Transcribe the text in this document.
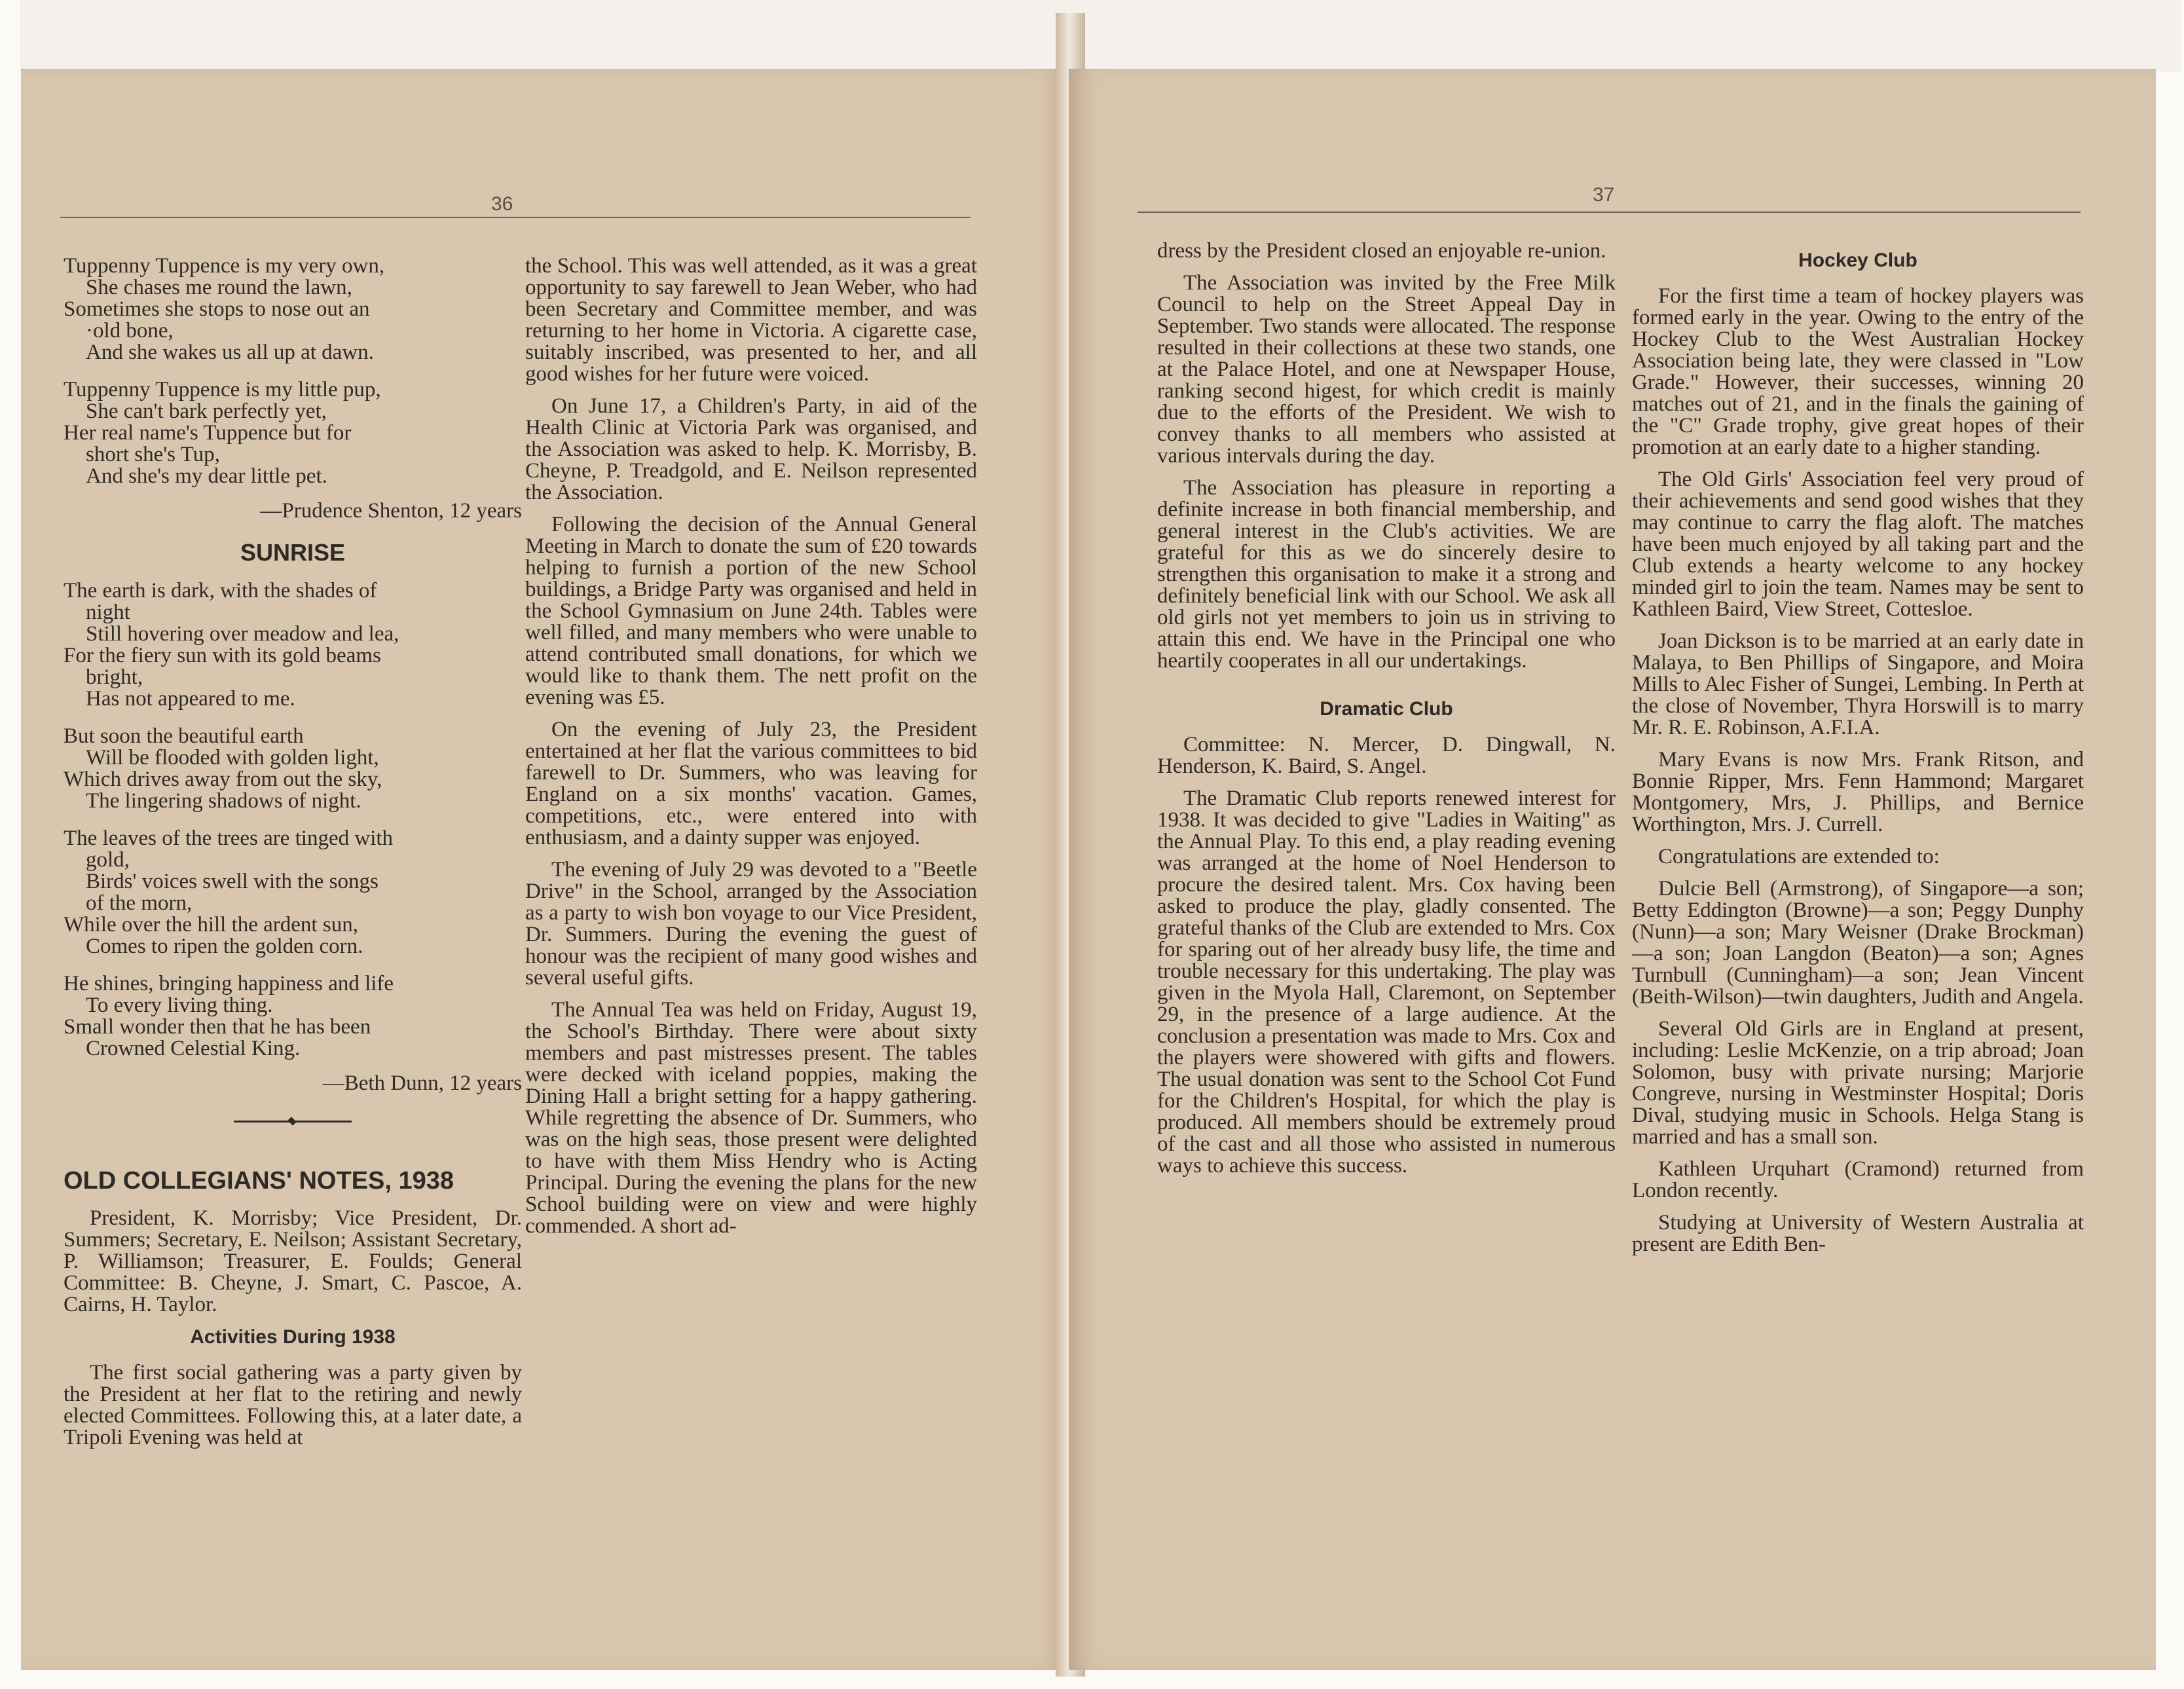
36
Tuppenny Tuppence is my very own,
She chases me round the lawn,
Sometimes she stops to nose out an
·old bone,
And she wakes us all up at dawn.
Tuppenny Tuppence is my little pup,
She can't bark perfectly yet,
Her real name's Tuppence but for
short she's Tup,
And she's my dear little pet.
—Prudence Shenton, 12 years
SUNRISE
The earth is dark, with the shades of
night
Still hovering over meadow and lea,
For the fiery sun with its gold beams
bright,
Has not appeared to me.
But soon the beautiful earth
Will be flooded with golden light,
Which drives away from out the sky,
The lingering shadows of night.
The leaves of the trees are tinged with
gold,
Birds' voices swell with the songs
of the morn,
While over the hill the ardent sun,
Comes to ripen the golden corn.
He shines, bringing happiness and life
To every living thing.
Small wonder then that he has been
Crowned Celestial King.
—Beth Dunn, 12 years
OLD COLLEGIANS' NOTES, 1938

President, K. Morrisby; Vice President, Dr. Summers; Secretary, E. Neilson; Assistant Secretary, P. Williamson; Treasurer, E. Foulds; General Committee: B. Cheyne, J. Smart, C. Pascoe, A. Cairns, H. Taylor.

Activities During 1938

The first social gathering was a party given by the President at her flat to the retiring and newly elected Committees. Following this, at a later date, a Tripoli Evening was held at

the School. This was well attended, as it was a great opportunity to say farewell to Jean Weber, who had been Secretary and Committee member, and was returning to her home in Victoria. A cigarette case, suitably inscribed, was presented to her, and all good wishes for her future were voiced.

On June 17, a Children's Party, in aid of the Health Clinic at Victoria Park was organised, and the Association was asked to help. K. Morrisby, B. Cheyne, P. Treadgold, and E. Neilson represented the Association.

Following the decision of the Annual General Meeting in March to donate the sum of £20 towards helping to furnish a portion of the new School buildings, a Bridge Party was organised and held in the School Gymnasium on June 24th. Tables were well filled, and many members who were unable to attend contributed small donations, for which we would like to thank them. The nett profit on the evening was £5.

On the evening of July 23, the President entertained at her flat the various committees to bid farewell to Dr. Summers, who was leaving for England on a six months' vacation. Games, competitions, etc., were entered into with enthusiasm, and a dainty supper was enjoyed.

The evening of July 29 was devoted to a "Beetle Drive" in the School, arranged by the Association as a party to wish bon voyage to our Vice President, Dr. Summers. During the evening the guest of honour was the recipient of many good wishes and several useful gifts.

The Annual Tea was held on Friday, August 19, the School's Birthday. There were about sixty members and past mistresses present. The tables were decked with iceland poppies, making the Dining Hall a bright setting for a happy gathering. While regretting the absence of Dr. Summers, who was on the high seas, those present were delighted to have with them Miss Hendry who is Acting Principal. During the evening the plans for the new School building were on view and were highly commended. A short ad-

37

dress by the President closed an enjoyable re-union.

The Association was invited by the Free Milk Council to help on the Street Appeal Day in September. Two stands were allocated. The response resulted in their collections at these two stands, one at the Palace Hotel, and one at Newspaper House, ranking second higest, for which credit is mainly due to the efforts of the President. We wish to convey thanks to all members who assisted at various intervals during the day.

The Association has pleasure in reporting a definite increase in both financial membership, and general interest in the Club's activities. We are grateful for this as we do sincerely desire to strengthen this organisation to make it a strong and definitely beneficial link with our School. We ask all old girls not yet members to join us in striving to attain this end. We have in the Principal one who heartily cooperates in all our undertakings.

Dramatic Club

Committee: N. Mercer, D. Dingwall, N. Henderson, K. Baird, S. Angel.

The Dramatic Club reports renewed interest for 1938. It was decided to give "Ladies in Waiting" as the Annual Play. To this end, a play reading evening was arranged at the home of Noel Henderson to procure the desired talent. Mrs. Cox having been asked to produce the play, gladly consented. The grateful thanks of the Club are extended to Mrs. Cox for sparing out of her already busy life, the time and trouble necessary for this undertaking. The play was given in the Myola Hall, Claremont, on September 29, in the presence of a large audience. At the conclusion a presentation was made to Mrs. Cox and the players were showered with gifts and flowers. The usual donation was sent to the School Cot Fund for the Children's Hospital, for which the play is produced. All members should be extremely proud of the cast and all those who assisted in numerous ways to achieve this success.

Hockey Club

For the first time a team of hockey players was formed early in the year. Owing to the entry of the Hockey Club to the West Australian Hockey Association being late, they were classed in "Low Grade." However, their successes, winning 20 matches out of 21, and in the finals the gaining of the "C" Grade trophy, give great hopes of their promotion at an early date to a higher standing.

The Old Girls' Association feel very proud of their achievements and send good wishes that they may continue to carry the flag aloft. The matches have been much enjoyed by all taking part and the Club extends a hearty welcome to any hockey minded girl to join the team. Names may be sent to Kathleen Baird, View Street, Cottesloe.

Joan Dickson is to be married at an early date in Malaya, to Ben Phillips of Singapore, and Moira Mills to Alec Fisher of Sungei, Lembing. In Perth at the close of November, Thyra Horswill is to marry Mr. R. E. Robinson, A.F.I.A.

Mary Evans is now Mrs. Frank Ritson, and Bonnie Ripper, Mrs. Fenn Hammond; Margaret Montgomery, Mrs, J. Phillips, and Bernice Worthington, Mrs. J. Currell.

Congratulations are extended to:

Dulcie Bell (Armstrong), of Singapore—a son; Betty Eddington (Browne)—a son; Peggy Dunphy (Nunn)—a son; Mary Weisner (Drake Brockman)—a son; Joan Langdon (Beaton)—a son; Agnes Turnbull (Cunningham)—a son; Jean Vincent (Beith-Wilson)—twin daughters, Judith and Angela.

Several Old Girls are in England at present, including: Leslie McKenzie, on a trip abroad; Joan Solomon, busy with private nursing; Marjorie Congreve, nursing in Westminster Hospital; Doris Dival, studying music in Schools. Helga Stang is married and has a small son.

Kathleen Urquhart (Cramond) returned from London recently.

Studying at University of Western Australia at present are Edith Ben-
